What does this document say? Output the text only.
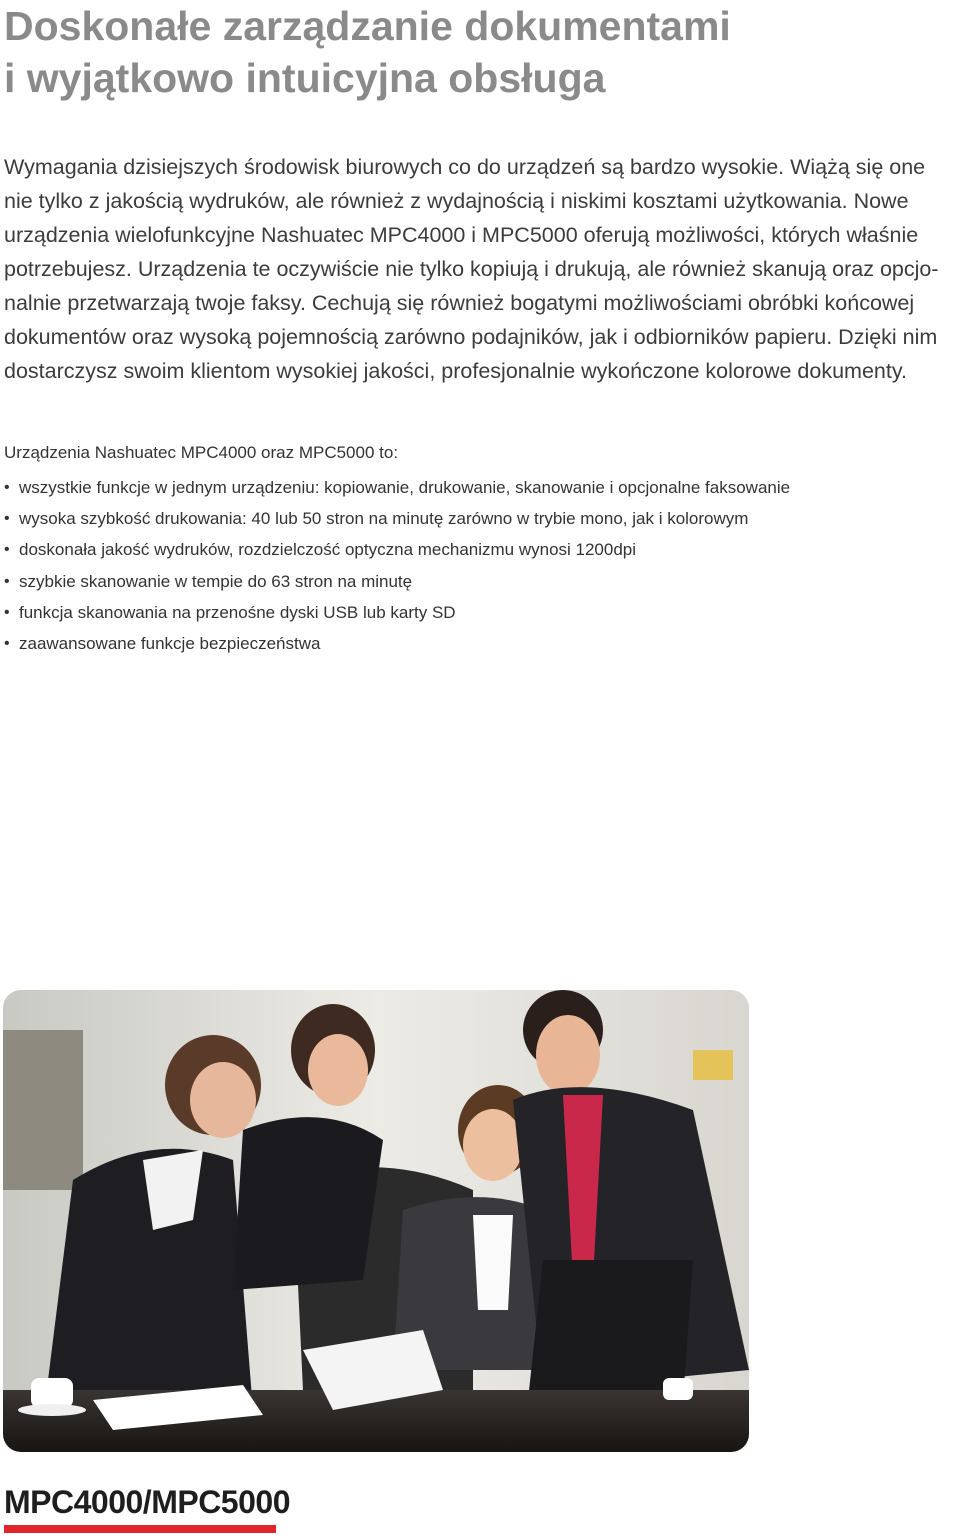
Doskonałe zarządzanie dokumentami
i wyjątkowo intuicyjna obsługa

Wymagania dzisiejszych środowisk biurowych co do urządzeń są bardzo wysokie. Wiążą się one
nie tylko z jakością wydruków, ale również z wydajnością i niskimi kosztami użytkowania. Nowe
urządzenia wielofunkcyjne Nashuatec MPC4000 i MPC5000 oferują możliwości, których właśnie
potrzebujesz. Urządzenia te oczywiście nie tylko kopiują i drukują, ale również skanują oraz opcjo-
nalnie przetwarzają twoje faksy. Cechują się również bogatymi możliwościami obróbki końcowej
dokumentów oraz wysoką pojemnością zarówno podajników, jak i odbiorników papieru. Dzięki nim
dostarczysz swoim klientom wysokiej jakości, profesjonalnie wykończone kolorowe dokumenty.

Urządzenia Nashuatec MPC4000 oraz MPC5000 to:

• wszystkie funkcje w jednym urządzeniu: kopiowanie, drukowanie, skanowanie i opcjonalne faksowanie
• wysoka szybkość drukowania: 40 lub 50 stron na minutę zarówno w trybie mono, jak i kolorowym
• doskonała jakość wydruków, rozdzielczość optyczna mechanizmu wynosi 1200dpi
• szybkie skanowanie w tempie do 63 stron na minutę
• funkcja skanowania na przenośne dyski USB lub karty SD
• zaawansowane funkcje bezpieczeństwa

MPC4000/MPC5000
